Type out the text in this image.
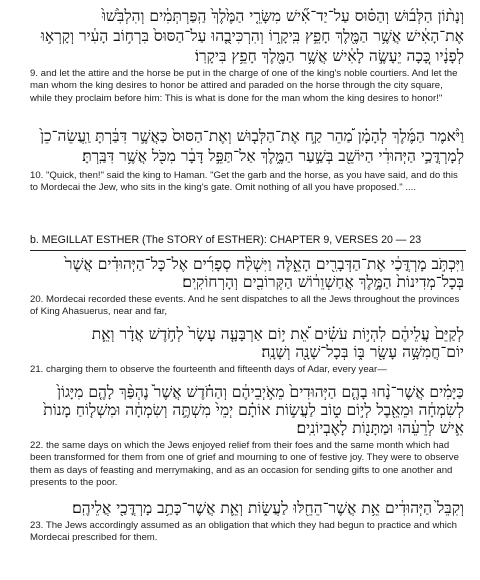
וְנָת֨וֹן הַלְּב֜וּשׁ וְהַסּ֗וּס עַל־יַד־אִ֞ישׁ מִשָּׂרֵ֤י הַמֶּ֙לֶךְ֙ הַֽפַּרְתְּמִ֔ים וְהִלְבִּ֙שׁוּ֙
אֶת־הָאִ֔ישׁ אֲשֶׁ֥ר הַמֶּ֖לֶךְ חָפֵ֣ץ בִּֽיקָר֑וֹ וְהִרְכִּיבֻ֤הוּ עַל־הַסּוּס֙ בִּרְח֣וֹב הָעִ֔יר וְקָרְא֣וּ
לְפָנָ֔יו כָּ֚כָה יֵעָשֶׂ֣ה לָאִ֔ישׁ אֲשֶׁ֥ר הַמֶּ֖לֶךְ חָפֵ֥ץ בִּיקָרֽוֹ׃
9. and let the attire and the horse be put in the charge of one of the king's noble courtiers. And let the man whom the king desires to honor be attired and paraded on the horse through the city square, while they proclaim before him: This is what is done for the man whom the king desires to honor!"
וַיֹּ֨אמֶר הַמֶּ֜לֶךְ לְהָמָ֗ן מַ֠הֵר קַ֣ח אֶת־הַלְּב֤וּשׁ וְאֶת־הַסּוּס֙ כַּאֲשֶׁ֣ר דִּבַּ֔רְתָּ וַֽעֲשֵׂה־כֵן֙
לְמָרְדֳּכַ֣י הַיְּהוּדִ֔י הַיּוֹשֵׁ֖ב בְּשַׁ֣עַר הַמֶּ֑לֶךְ אַל־תַּפֵּ֣ל דָּבָ֔ר מִכֹּ֖ל אֲשֶׁ֥ר דִּבַּֽרְתָּ׃
10. "Quick, then!" said the king to Haman. "Get the garb and the horse, as you have said, and do this to Mordecai the Jew, who sits in the king's gate. Omit nothing of all you have proposed." ....
b. MEGILLAT ESTHER (The STORY of ESTHER): CHAPTER 9, VERSES 20 — 23
וַיִּכְתֹּ֣ב מָרְדֳּכַ֔י אֶת־הַדְּבָרִ֖ים הָאֵ֑לֶּה וַיִּשְׁלַ֨ח סְפָרִ֜ים אֶל־כָּל־הַיְּהוּדִ֗ים אֲשֶׁר֙
בְּכָל־מְדִינוֹת֙ הַמֶּ֣לֶךְ אֲחַשְׁוֵר֔וֹשׁ הַקְּרוֹבִ֖ים וְהָרְחוֹקִֽים׃
20. Mordecai recorded these events. And he sent dispatches to all the Jews throughout the provinces of King Ahasuerus, near and far,
לְקַיֵּם֙ עֲלֵיהֶ֔ם לִהְי֣וֹת עֹשִׂ֗ים אֵ֠ת י֣וֹם אַרְבָּעָ֤ה עָשָׂר֙ לְחֹ֣דֶשׁ אֲדָ֔ר וְאֵ֛ת
יוֹם־חֲמִשָּׁ֥ה עָשָׂ֖ר בּ֑וֹ בְּכָל־שָׁנָ֖ה וְשָׁנָֽה׃
21. charging them to observe the fourteenth and fifteenth days of Adar, every year—
כַּיָּמִ֗ים אֲשֶׁר־נָ֨חוּ בָהֶ֤ם הַיְּהוּדִים֙ מֵאֹ֣יְבֵיהֶ֔ם וְהַחֹ֗דֶשׁ אֲשֶׁר֩ נֶהְפַּ֨ךְ לָהֶ֤ם מִיָּגוֹן֙
לְשִׂמְחָ֔ה וּמֵאֵ֖בֶל לְי֣וֹם ט֑וֹב לַעֲשׂ֣וֹת אוֹתָ֗ם יְמֵי֙ מִשְׁתֶּ֣ה וְשִׂמְחָ֔ה וּמִשְׁל֤וֹחַ מָנוֹת֙
אִ֣ישׁ לְרֵעֵ֔הוּ וּמַתָּנ֖וֹת לָאֶבְיוֹנִֽים׃
22. the same days on which the Jews enjoyed relief from their foes and the same month which had been transformed for them from one of grief and mourning to one of festive joy. They were to observe them as days of feasting and merrymaking, and as an occasion for sending gifts to one another and presents to the poor.
וְקִבֵּל֙ הַיְּהוּדִ֔ים אֵ֥ת אֲשֶׁר־הֵחֵ֖לּוּ לַעֲשׂ֑וֹת וְאֵ֛ת אֲשֶׁר־כָּתַ֥ב מָרְדֳּכַ֖י אֲלֵיהֶֽם׃
23. The Jews accordingly assumed as an obligation that which they had begun to practice and which Mordecai prescribed for them.
